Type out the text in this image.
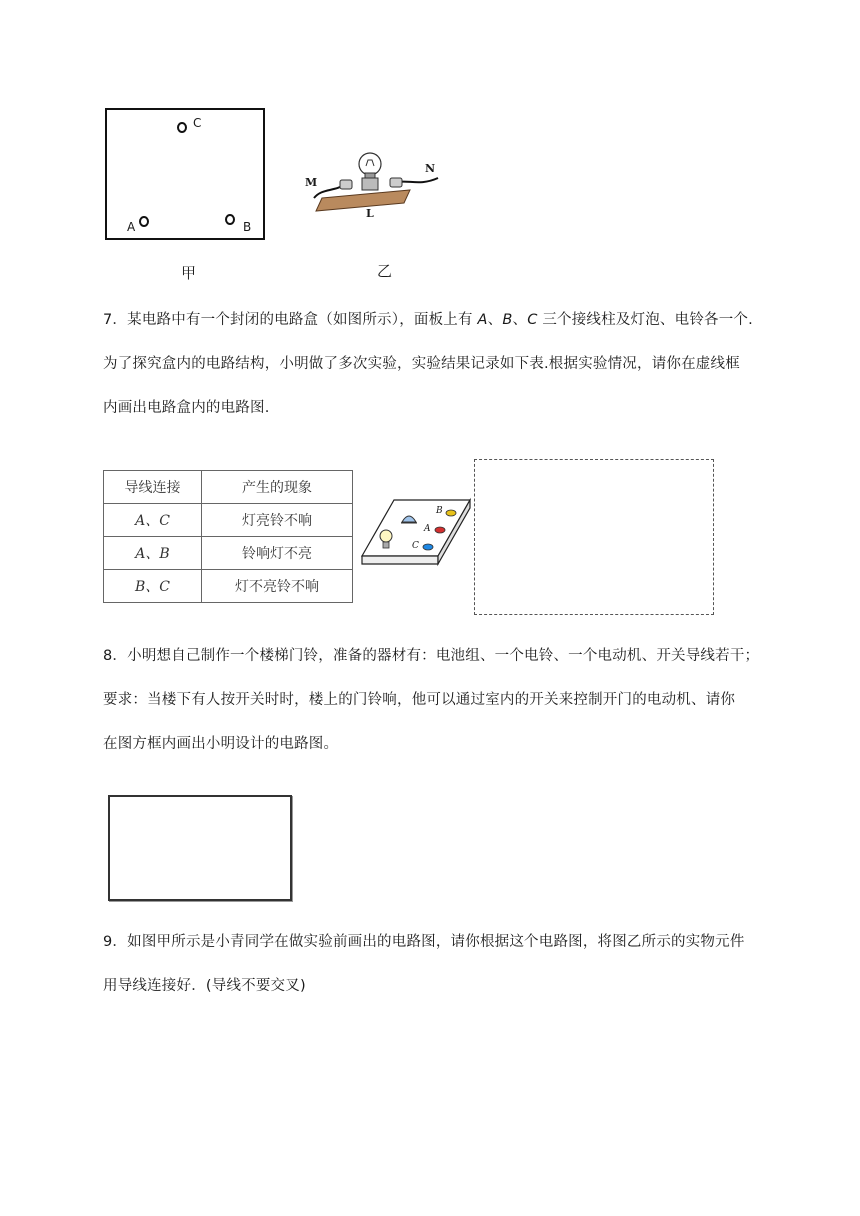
C
A	B
甲
M
N
L
乙
7．某电路中有一个封闭的电路盒（如图所示），面板上有 A、B、C 三个接线柱及灯泡、电铃各一个.
为了探究盒内的电路结构，小明做了多次实验，实验结果记录如下表.根据实验情况，请你在虚线框
内画出电路盒内的电路图.
导线连接	产生的现象
A、C	灯亮铃不响
A、B	铃响灯不亮
B、C	灯不亮铃不响
B
A
C
8．小明想自己制作一个楼梯门铃，准备的器材有：电池组、一个电铃、一个电动机、开关导线若干；
要求：当楼下有人按开关时时，楼上的门铃响，他可以通过室内的开关来控制开门的电动机、请你
在图方框内画出小明设计的电路图。
9．如图甲所示是小青同学在做实验前画出的电路图，请你根据这个电路图，将图乙所示的实物元件
用导线连接好．(导线不要交叉)
